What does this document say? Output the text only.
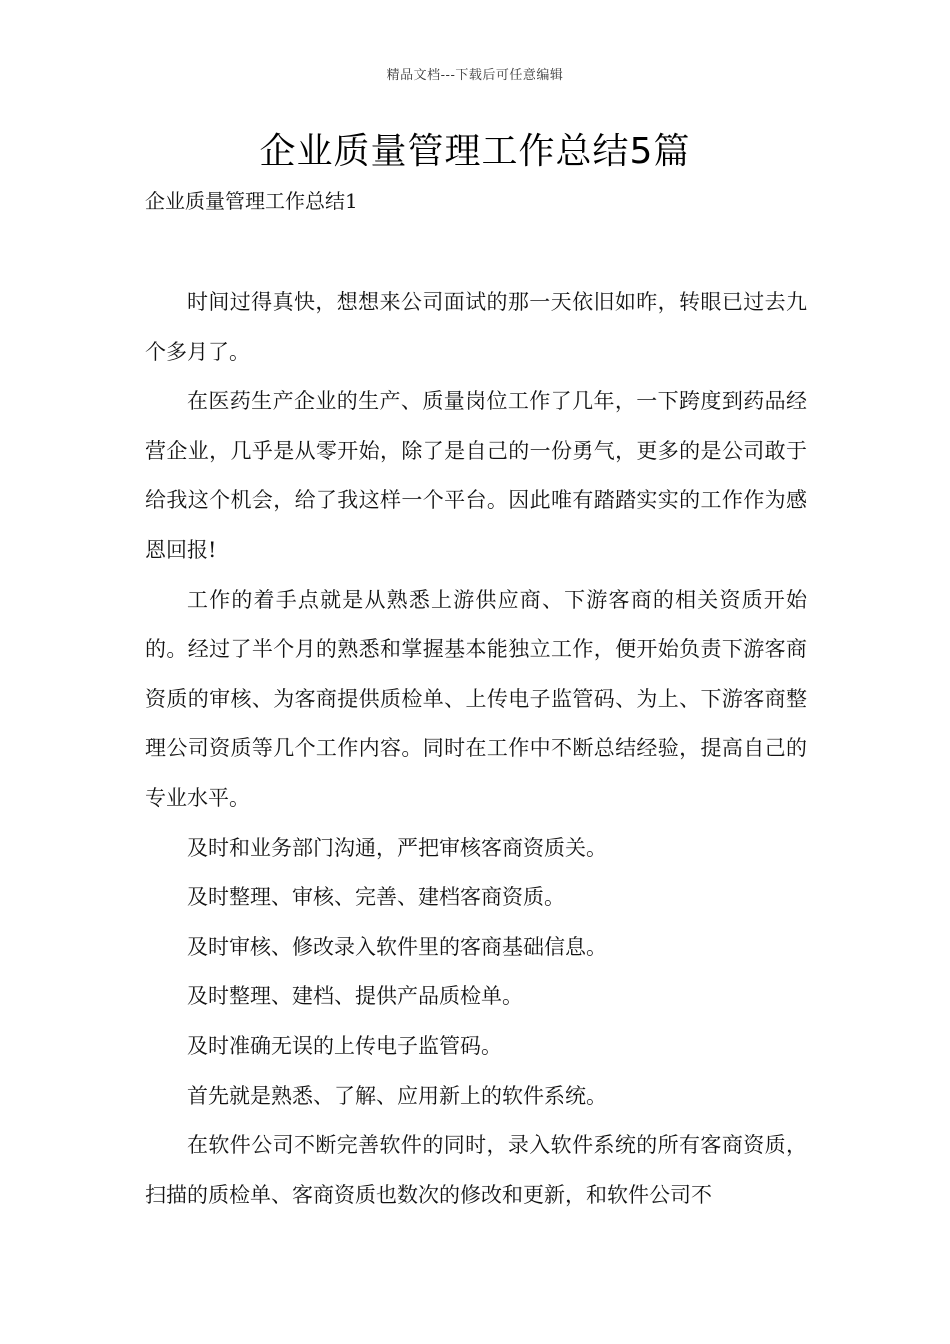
精品文档---下载后可任意编辑
企业质量管理工作总结5篇
企业质量管理工作总结1

时间过得真快，想想来公司面试的那一天依旧如昨，转眼已过去九个多月了。

在医药生产企业的生产、质量岗位工作了几年，一下跨度到药品经营企业，几乎是从零开始，除了是自己的一份勇气，更多的是公司敢于给我这个机会，给了我这样一个平台。因此唯有踏踏实实的工作作为感恩回报!

工作的着手点就是从熟悉上游供应商、下游客商的相关资质开始的。经过了半个月的熟悉和掌握基本能独立工作，便开始负责下游客商资质的审核、为客商提供质检单、上传电子监管码、为上、下游客商整理公司资质等几个工作内容。同时在工作中不断总结经验，提高自己的专业水平。

及时和业务部门沟通，严把审核客商资质关。

及时整理、审核、完善、建档客商资质。

及时审核、修改录入软件里的客商基础信息。

及时整理、建档、提供产品质检单。

及时准确无误的上传电子监管码。

首先就是熟悉、了解、应用新上的软件系统。

在软件公司不断完善软件的同时，录入软件系统的所有客商资质，扫描的质检单、客商资质也数次的修改和更新，和软件公司不
